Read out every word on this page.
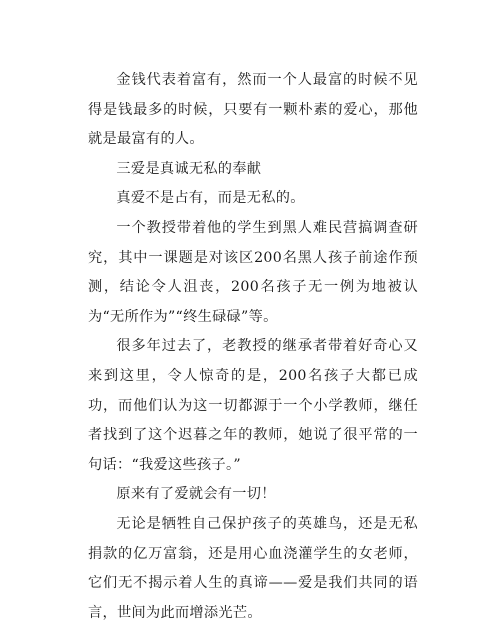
金钱代表着富有，然而一个人最富的时候不见得是钱最多的时候，只要有一颗朴素的爱心，那他就是最富有的人。

三爱是真诚无私的奉献

真爱不是占有，而是无私的。

一个教授带着他的学生到黑人难民营搞调查研究，其中一课题是对该区200名黑人孩子前途作预测，结论令人沮丧，200名孩子无一例为地被认为“无所作为”“终生碌碌”等。

很多年过去了，老教授的继承者带着好奇心又来到这里，令人惊奇的是，200名孩子大都已成功，而他们认为这一切都源于一个小学教师，继任者找到了这个迟暮之年的教师，她说了很平常的一句话：“我爱这些孩子。”

原来有了爱就会有一切！

无论是牺牲自己保护孩子的英雄鸟，还是无私捐款的亿万富翁，还是用心血浇灌学生的女老师，它们无不揭示着人生的真谛——爱是我们共同的语言，世间为此而增添光芒。
